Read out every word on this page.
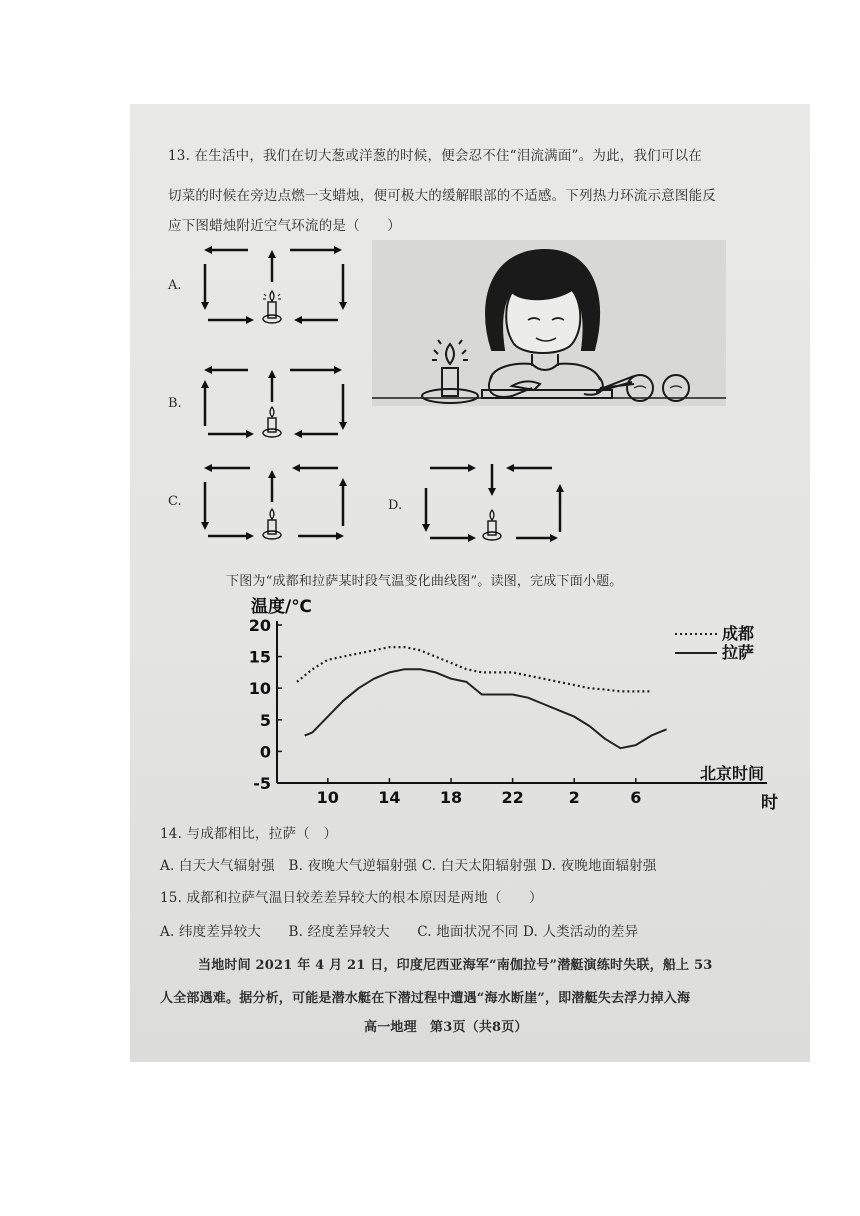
13. 在生活中，我们在切大葱或洋葱的时候，便会忍不住“泪流满面”。为此，我们可以在
切菜的时候在旁边点燃一支蜡烛，便可极大的缓解眼部的不适感。下列热力环流示意图能反
应下图蜡烛附近空气环流的是（　　）
A.
B.
C.	D.
下图为“成都和拉萨某时段气温变化曲线图”。读图，完成下面小题。
温度/℃
成都
拉萨
北京时间
时
20
15
10
5
0
-5
10 14 18 22	2	6
14. 与成都相比，拉萨（　）
A. 白天大气辐射强　B. 夜晚大气逆辐射强 C. 白天太阳辐射强 D. 夜晚地面辐射强
15. 成都和拉萨气温日较差差异较大的根本原因是两地（　　）
A. 纬度差异较大　　B. 经度差异较大　　C. 地面状况不同 D. 人类活动的差异
当地时间 2021 年 4 月 21 日，印度尼西亚海军“南伽拉号”潜艇演练时失联，船上 53
人全部遇难。据分析，可能是潜水艇在下潜过程中遭遇“海水断崖”，即潜艇失去浮力掉入海
高一地理　第3页（共8页）
